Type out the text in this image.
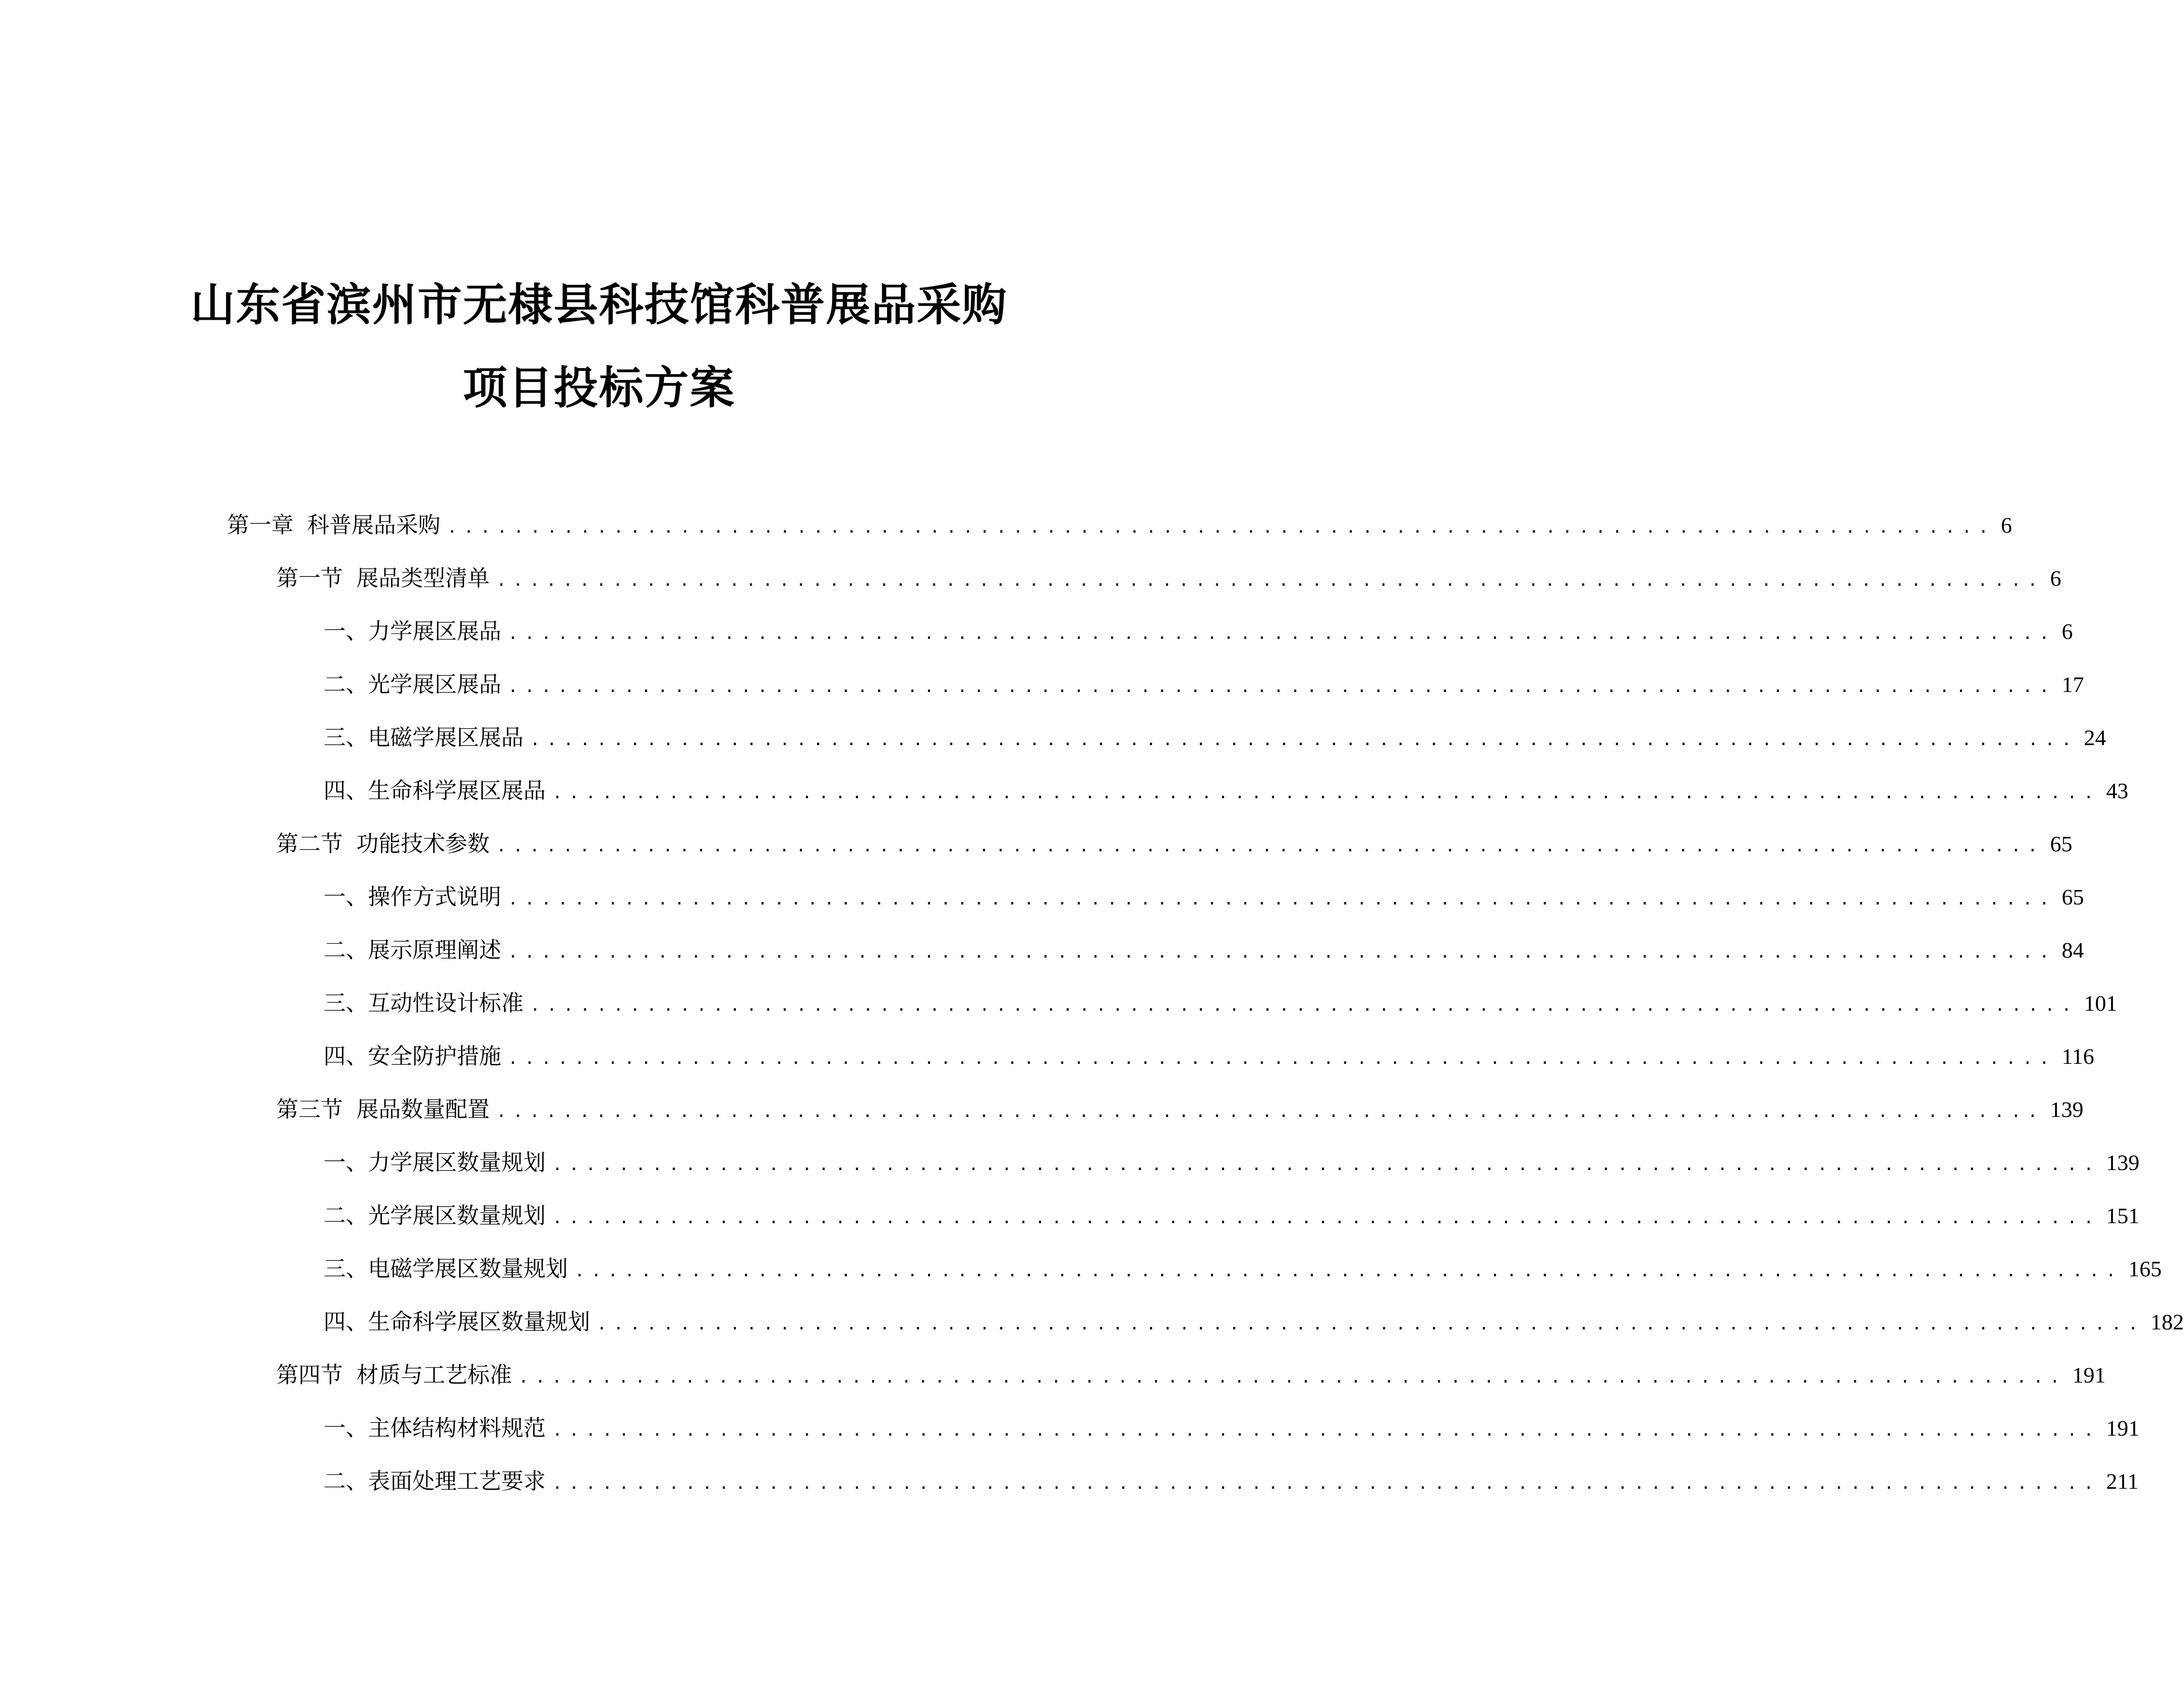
山东省滨州市无棣县科技馆科普展品采购
项目投标方案
第一章 科普展品采购 ............................................................................................. 6
第一节 展品类型清单 ............................................................................................. 6
一、 力学展区展品 ............................................................................................. 6
二、 光学展区展品 ............................................................................................. 17
三、 电磁学展区展品 ............................................................................................. 24
四、 生命科学展区展品 ............................................................................................. 43
第二节 功能技术参数 ............................................................................................. 65
一、 操作方式说明 ............................................................................................. 65
二、 展示原理阐述 ............................................................................................. 84
三、 互动性设计标准 ............................................................................................. 101
四、 安全防护措施 ............................................................................................. 116
第三节 展品数量配置 ............................................................................................. 139
一、 力学展区数量规划 ............................................................................................. 139
二、 光学展区数量规划 ............................................................................................. 151
三、 电磁学展区数量规划 ............................................................................................. 165
四、 生命科学展区数量规划 ............................................................................................. 182
第四节 材质与工艺标准 ............................................................................................. 191
一、 主体结构材料规范 ............................................................................................. 191
二、 表面处理工艺要求 ............................................................................................. 211
